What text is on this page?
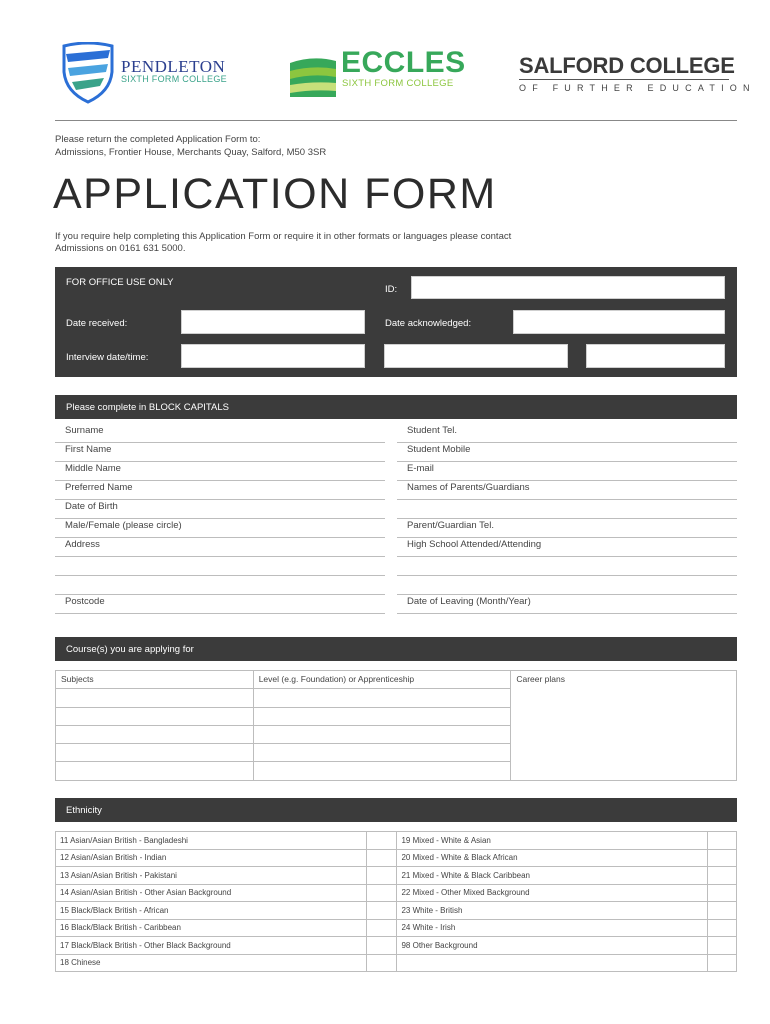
PENDLETON
SIXTH FORM COLLEGE	ECCLES
SIXTH FORM COLLEGE
SALFORD COLLEGE
OF FURTHER EDUCATION
Please return the completed Application Form to:
Admissions, Frontier House, Merchants Quay, Salford, M50 3SR
APPLICATION FORM
If you require help completing this Application Form or require it in other formats or languages please contact
Admissions on 0161 631 5000.
FOR OFFICE USE ONLY
ID:
Date received:	Date acknowledged:
Interview date/time:
Please complete in BLOCK CAPITALS
Surname
First Name
Middle Name
Preferred Name
Date of Birth
Male/Female (please circle)
Address
Postcode
Student Tel.
Student Mobile
E-mail
Names of Parents/Guardians
Parent/Guardian Tel.
High School Attended/Attending
Date of Leaving (Month/Year)
Course(s) you are applying for
Subjects	Level (e.g. Foundation) or Apprenticeship	Career plans

Ethnicity
11 Asian/Asian British - Bangladeshi		19 Mixed - White & Asian	
12 Asian/Asian British - Indian		20 Mixed - White & Black African	
13 Asian/Asian British - Pakistani		21 Mixed - White & Black Caribbean	
14 Asian/Asian British - Other Asian Background		22 Mixed - Other Mixed Background	
15 Black/Black British - African		23 White - British	
16 Black/Black British - Caribbean		24 White - Irish	
17 Black/Black British - Other Black Background		98 Other Background	
18 Chinese			
